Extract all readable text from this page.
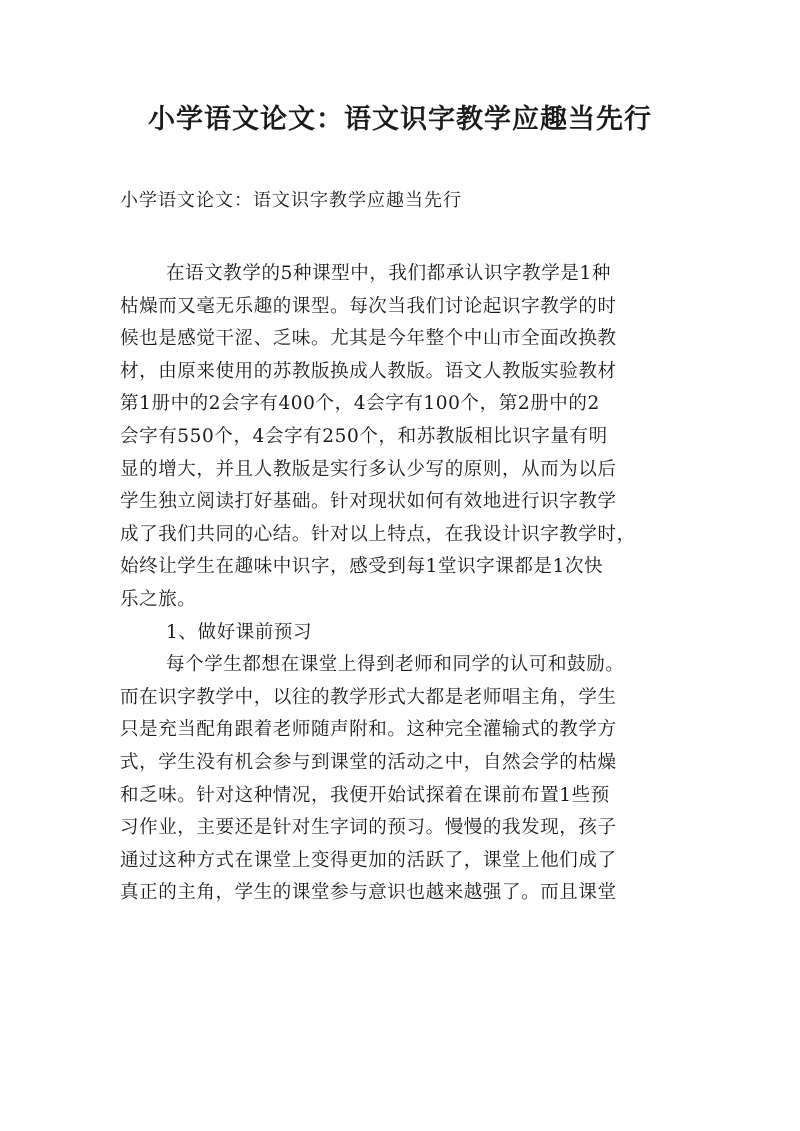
小学语文论文：语文识字教学应趣当先行

小学语文论文：语文识字教学应趣当先行

在语文教学的5种课型中，我们都承认识字教学是1种
枯燥而又毫无乐趣的课型。每次当我们讨论起识字教学的时
候也是感觉干涩、乏味。尤其是今年整个中山市全面改换教
材，由原来使用的苏教版换成人教版。语文人教版实验教材
第1册中的2会字有400个，4会字有100个，第2册中的2
会字有550个，4会字有250个，和苏教版相比识字量有明
显的增大，并且人教版是实行多认少写的原则，从而为以后
学生独立阅读打好基础。针对现状如何有效地进行识字教学
成了我们共同的心结。针对以上特点，在我设计识字教学时，
始终让学生在趣味中识字，感受到每1堂识字课都是1次快
乐之旅。
1、做好课前预习
每个学生都想在课堂上得到老师和同学的认可和鼓励。
而在识字教学中，以往的教学形式大都是老师唱主角，学生
只是充当配角跟着老师随声附和。这种完全灌输式的教学方
式，学生没有机会参与到课堂的活动之中，自然会学的枯燥
和乏味。针对这种情况，我便开始试探着在课前布置1些预
习作业，主要还是针对生字词的预习。慢慢的我发现，孩子
通过这种方式在课堂上变得更加的活跃了，课堂上他们成了
真正的主角，学生的课堂参与意识也越来越强了。而且课堂
